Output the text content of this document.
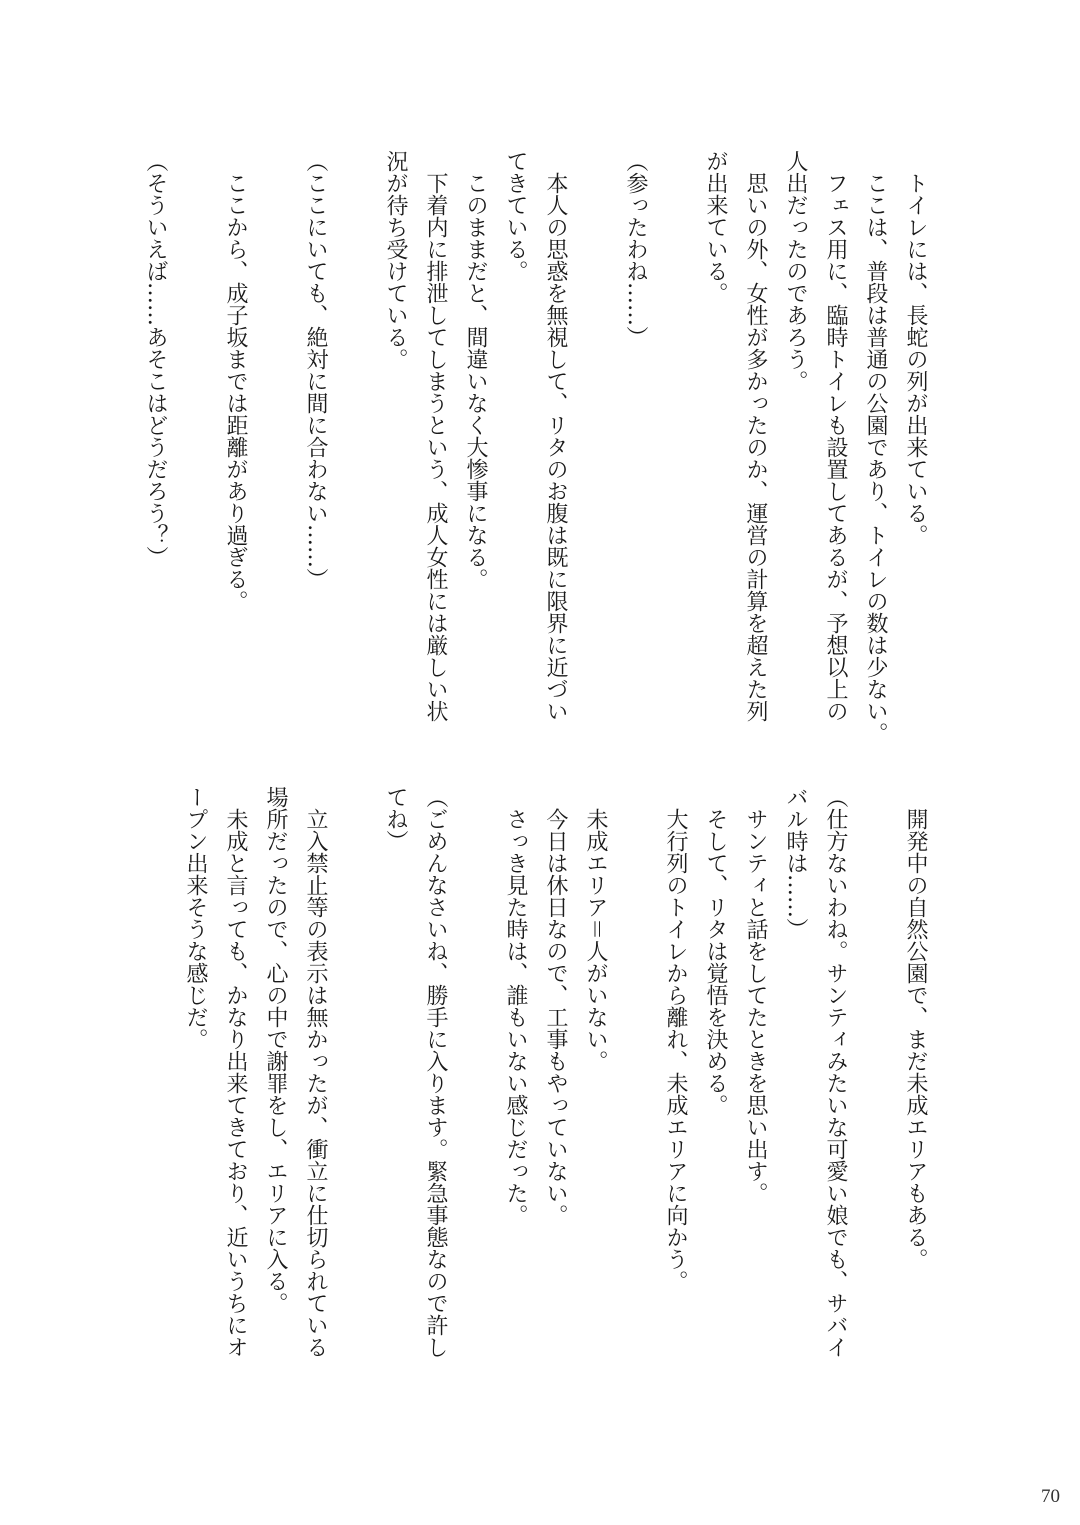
　トイレには、長蛇の列が出来ている。
　ここは、普段は普通の公園であり、トイレの数は少ない。
　フェス用に、臨時トイレも設置してあるが、予想以上の
人出だったのであろう。
　思いの外、女性が多かったのか、運営の計算を超えた列
が出来ている。
（参ったわね……）
　本人の思惑を無視して、リタのお腹は既に限界に近づい
てきている。
　このままだと、間違いなく大惨事になる。
　下着内に排泄してしまうという、成人女性には厳しい状
況が待ち受けている。
（ここにいても、絶対に間に合わない……）
　ここから、成子坂までは距離があり過ぎる。
（そういえば……あそこはどうだろう？）
　開発中の自然公園で、まだ未成エリアもある。
（仕方ないわね。サンティみたいな可愛い娘でも、サバイ
バル時は……）
　サンティと話をしてたときを思い出す。
　そして、リタは覚悟を決める。
　大行列のトイレから離れ、未成エリアに向かう。
　未成エリア＝人がいない。
　今日は休日なので、工事もやっていない。
　さっき見た時は、誰もいない感じだった。
（ごめんなさいね、勝手に入ります。緊急事態なので許し
てね）
　立入禁止等の表示は無かったが、衝立に仕切られている
場所だったので、心の中で謝罪をし、エリアに入る。
　未成と言っても、かなり出来てきており、近いうちにオ
ープン出来そうな感じだ。
70
